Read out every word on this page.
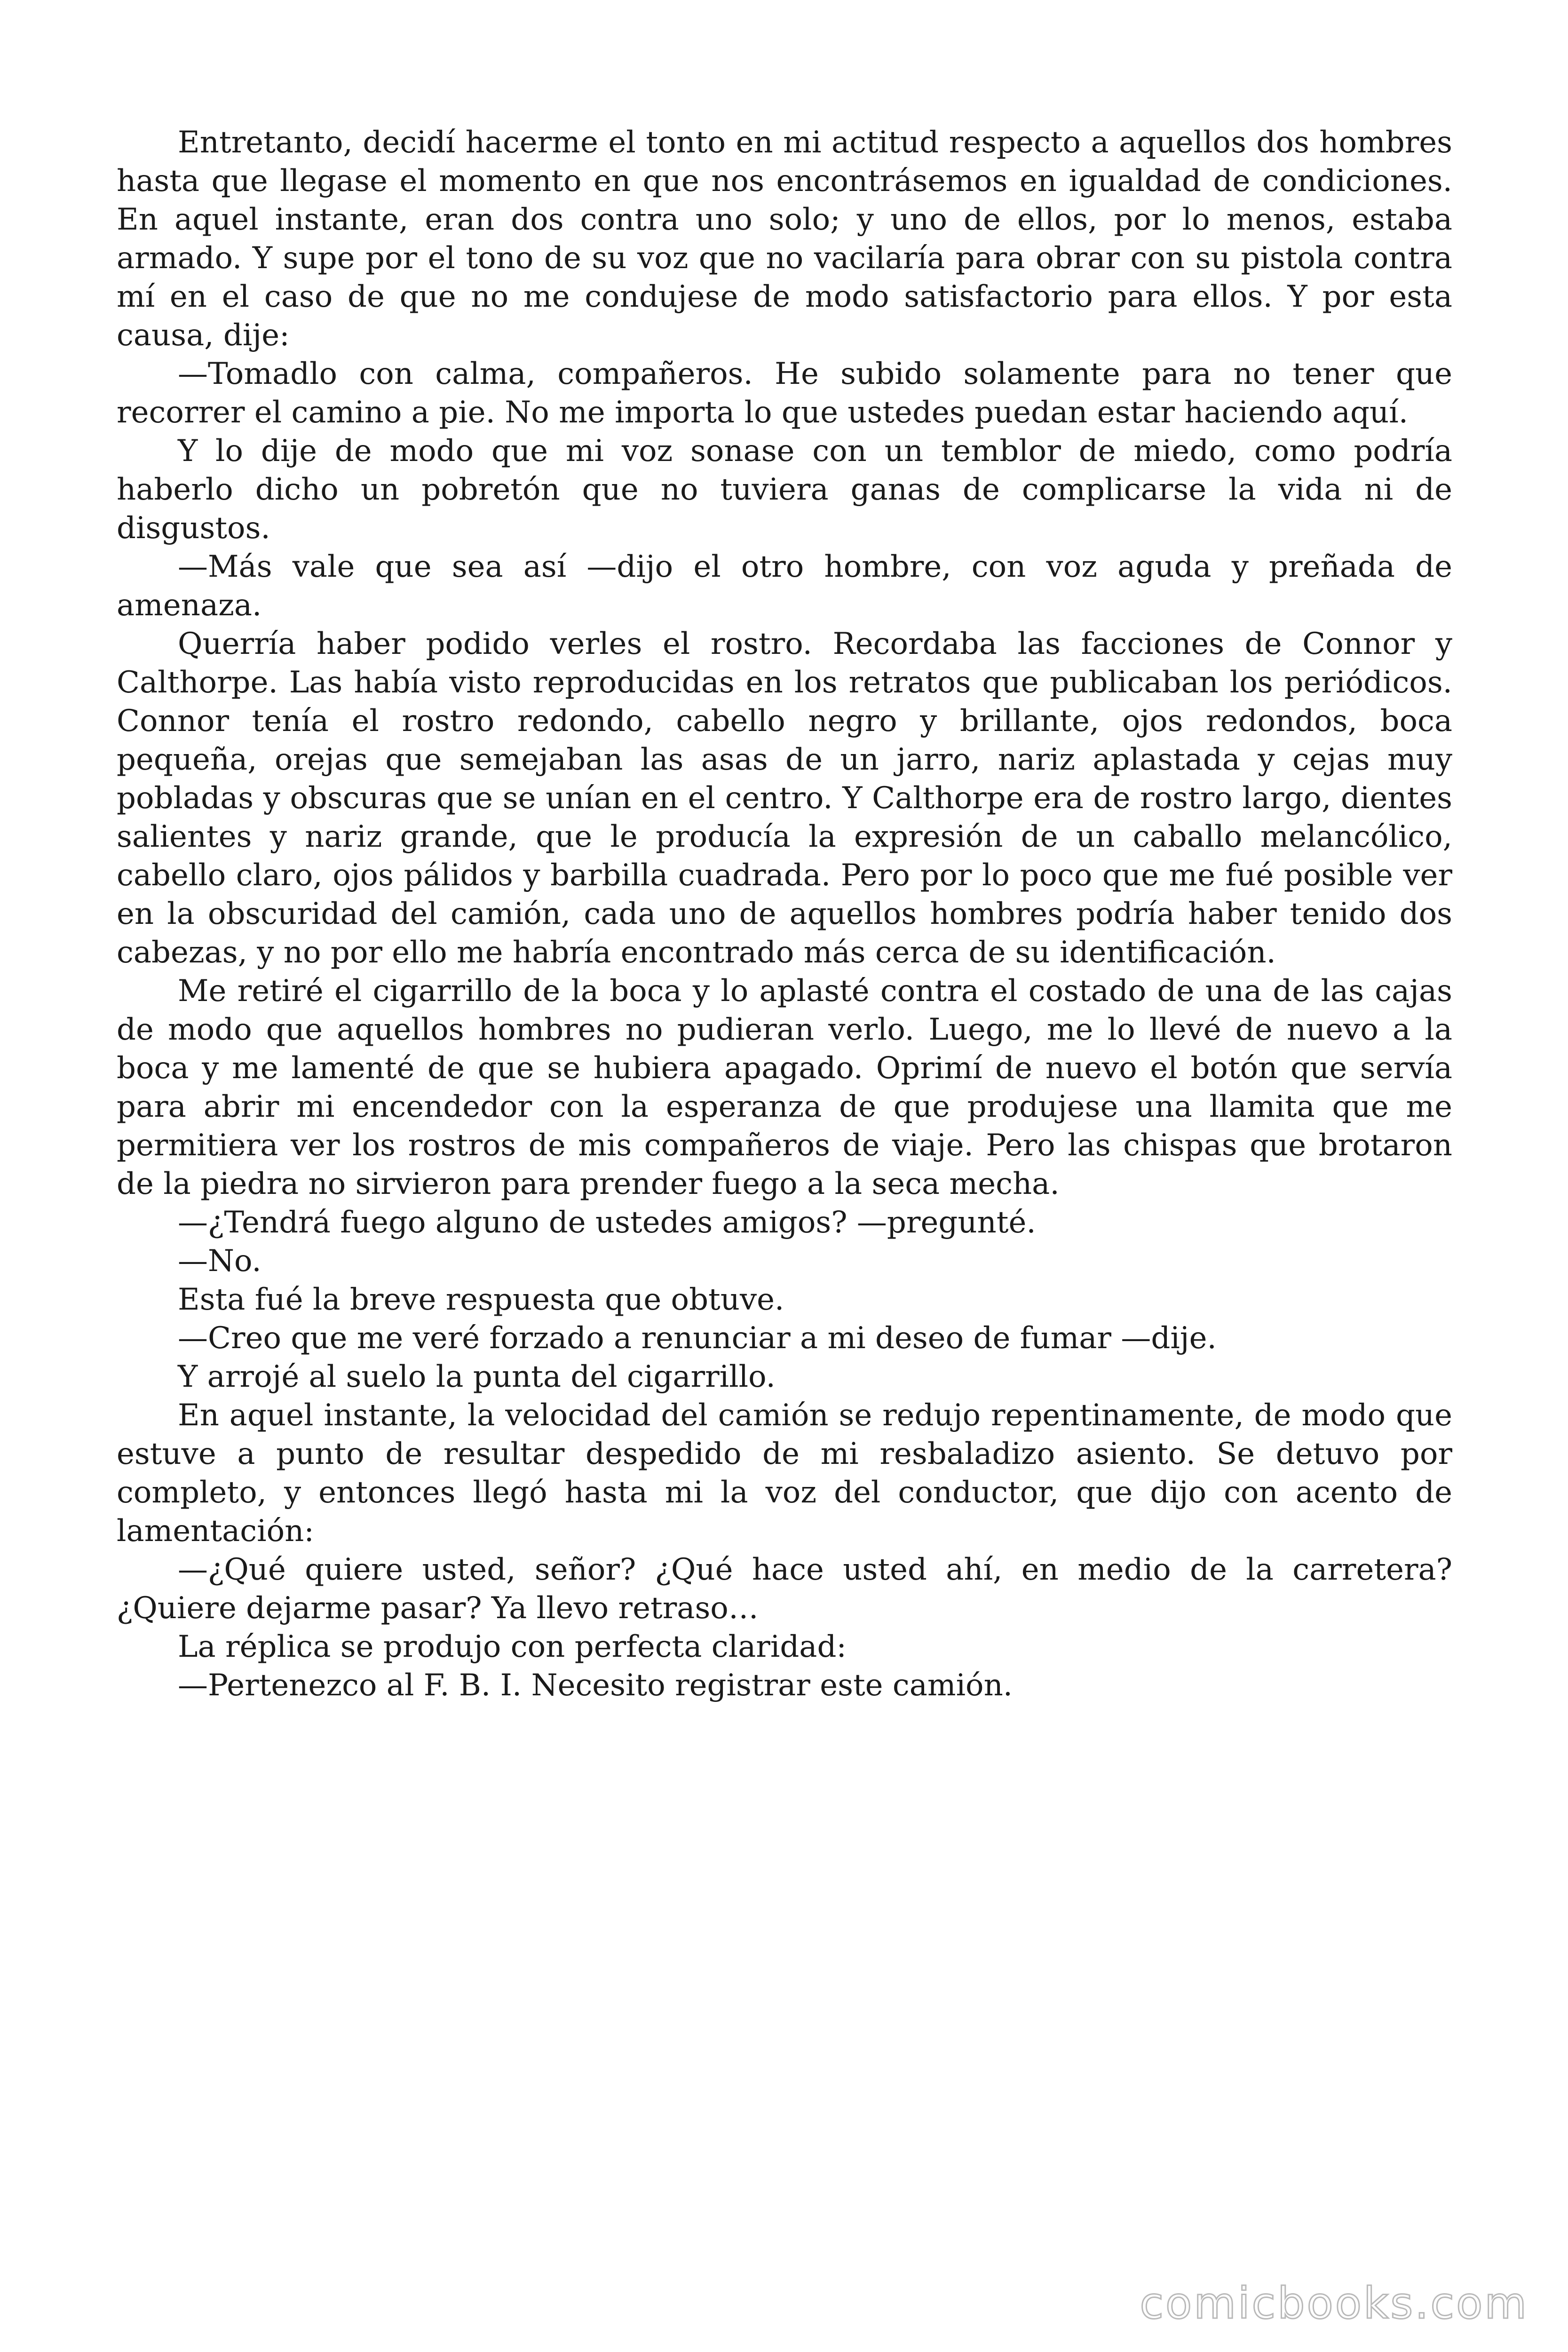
Entretanto, decidí hacerme el tonto en mi actitud respecto a aquellos dos hombres hasta que llegase el momento en que nos encontrásemos en igualdad de condiciones. En aquel instante, eran dos contra uno solo; y uno de ellos, por lo menos, estaba armado. Y supe por el tono de su voz que no vacilaría para obrar con su pistola contra mí en el caso de que no me condujese de modo satisfactorio para ellos. Y por esta causa, dije:

—Tomadlo con calma, compañeros. He subido solamente para no tener que recorrer el camino a pie. No me importa lo que ustedes puedan estar haciendo aquí.

Y lo dije de modo que mi voz sonase con un temblor de miedo, como podría haberlo dicho un pobretón que no tuviera ganas de complicarse la vida ni de disgustos.

—Más vale que sea así —dijo el otro hombre, con voz aguda y preñada de amenaza.

Querría haber podido verles el rostro. Recordaba las facciones de Connor y Calthorpe. Las había visto reproducidas en los retratos que publicaban los periódicos. Connor tenía el rostro redondo, cabello negro y brillante, ojos redondos, boca pequeña, orejas que semejaban las asas de un jarro, nariz aplastada y cejas muy pobladas y obscuras que se unían en el centro. Y Calthorpe era de rostro largo, dientes salientes y nariz grande, que le producía la expresión de un caballo melancólico, cabello claro, ojos pálidos y barbilla cuadrada. Pero por lo poco que me fué posible ver en la obscuridad del camión, cada uno de aquellos hombres podría haber tenido dos cabezas, y no por ello me habría encontrado más cerca de su identificación.

Me retiré el cigarrillo de la boca y lo aplasté contra el costado de una de las cajas de modo que aquellos hombres no pudieran verlo. Luego, me lo llevé de nuevo a la boca y me lamenté de que se hubiera apagado. Oprimí de nuevo el botón que servía para abrir mi encendedor con la esperanza de que produjese una llamita que me permitiera ver los rostros de mis compañeros de viaje. Pero las chispas que brotaron de la piedra no sirvieron para prender fuego a la seca mecha.

—¿Tendrá fuego alguno de ustedes amigos? —pregunté.

—No.

Esta fué la breve respuesta que obtuve.

—Creo que me veré forzado a renunciar a mi deseo de fumar —dije.

Y arrojé al suelo la punta del cigarrillo.

En aquel instante, la velocidad del camión se redujo repentinamente, de modo que estuve a punto de resultar despedido de mi resbaladizo asiento. Se detuvo por completo, y entonces llegó hasta mi la voz del conductor, que dijo con acento de lamentación:

—¿Qué quiere usted, señor? ¿Qué hace usted ahí, en medio de la carretera? ¿Quiere dejarme pasar? Ya llevo retraso…

La réplica se produjo con perfecta claridad:

—Pertenezco al F. B. I. Necesito registrar este camión.

comicbooks.com
